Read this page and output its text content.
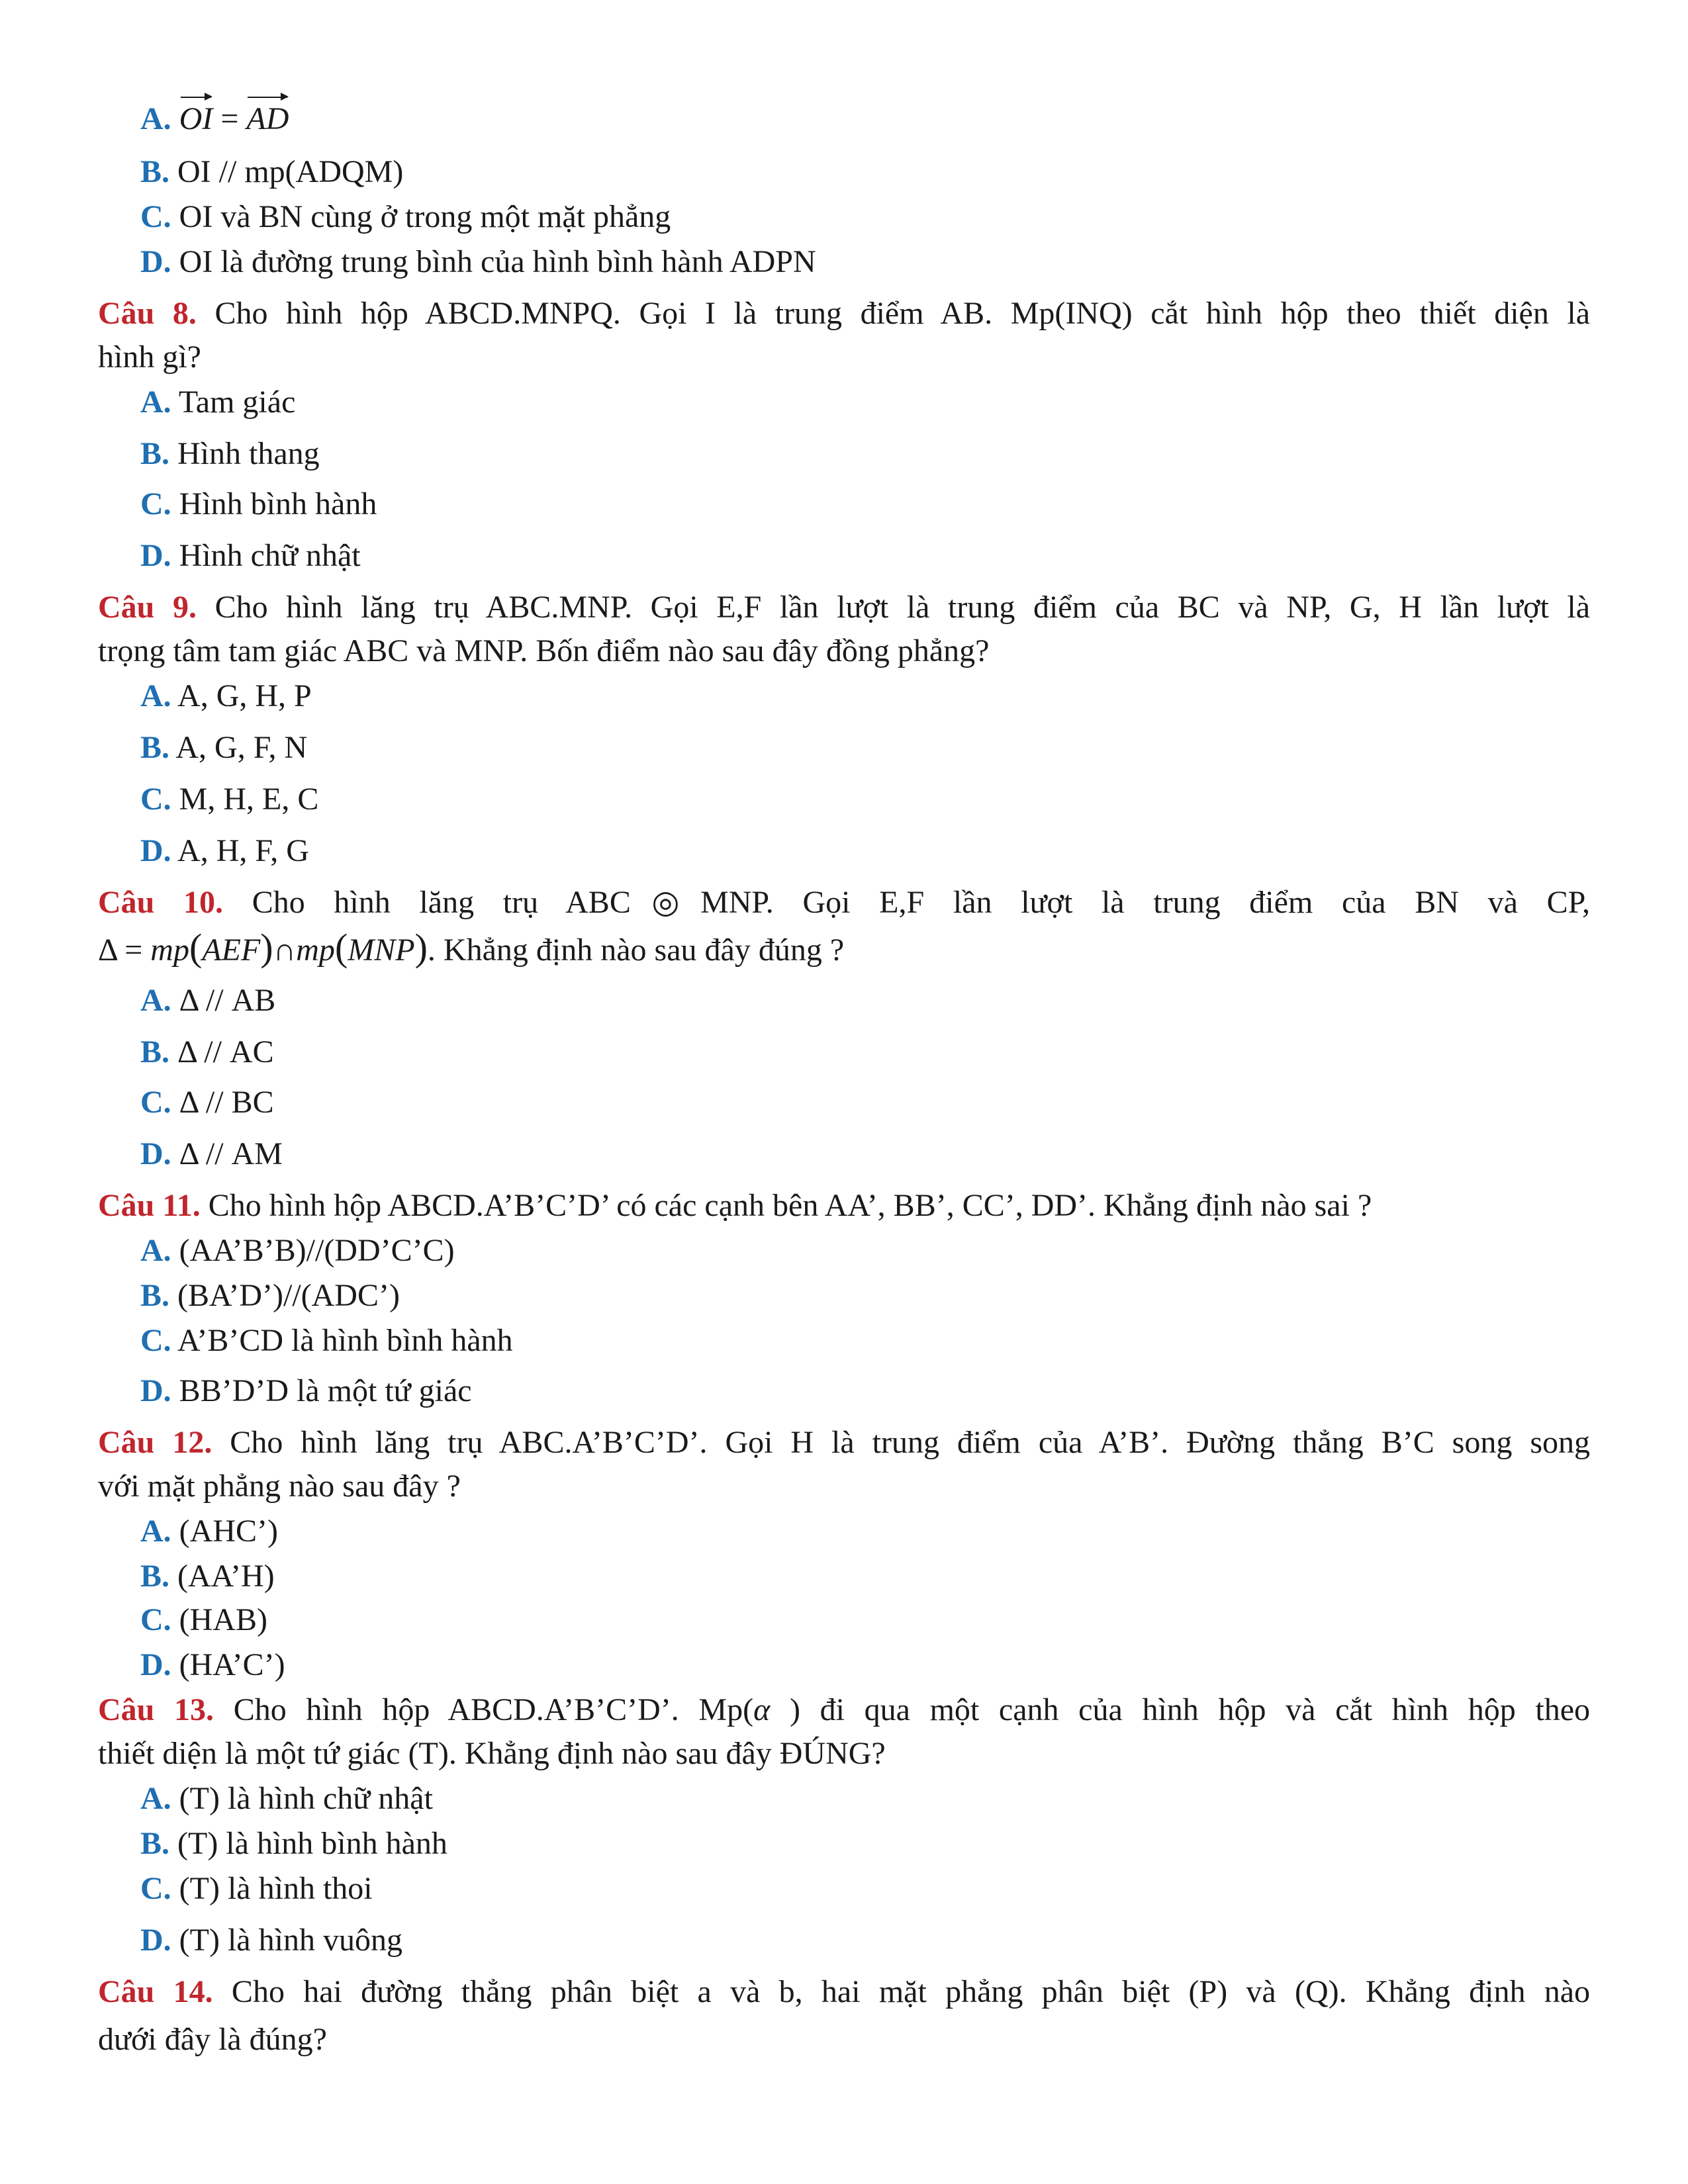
A. OI = AD
B. OI // mp(ADQM)
C. OI và BN cùng ở trong một mặt phẳng
D. OI là đường trung bình của hình bình hành ADPN
Câu 8. Cho hình hộp ABCD.MNPQ. Gọi I là trung điểm AB. Mp(INQ) cắt hình hộp theo thiết diện là
hình gì?
A. Tam giác
B. Hình thang
C. Hình bình hành
D. Hình chữ nhật
Câu 9. Cho hình lăng trụ ABC.MNP. Gọi E,F lần lượt là trung điểm của BC và NP, G, H lần lượt là
trọng tâm tam giác ABC và MNP. Bốn điểm nào sau đây đồng phẳng?
A. A, G, H, P
B. A, G, F, N
C. M, H, E, C
D. A, H, F, G
Câu 10. Cho hình lăng trụ ABC◎MNP. Gọi E,F lần lượt là trung điểm của BN và CP,
Δ = mp(AEF)∩mp(MNP). Khẳng định nào sau đây đúng ?
A. Δ // AB
B. Δ // AC
C. Δ // BC
D. Δ // AM
Câu 11. Cho hình hộp ABCD.A’B’C’D’ có các cạnh bên AA’, BB’, CC’, DD’. Khẳng định nào sai ?
A. (AA’B’B)//(DD’C’C)
B. (BA’D’)//(ADC’)
C. A’B’CD là hình bình hành
D. BB’D’D là một tứ giác
Câu 12. Cho hình lăng trụ ABC.A’B’C’D’. Gọi H là trung điểm của A’B’. Đường thẳng B’C song song
với mặt phẳng nào sau đây ?
A. (AHC’)
B. (AA’H)
C. (HAB)
D. (HA’C’)
Câu 13. Cho hình hộp ABCD.A’B’C’D’. Mp(α ) đi qua một cạnh của hình hộp và cắt hình hộp theo
thiết diện là một tứ giác (T). Khẳng định nào sau đây ĐÚNG?
A. (T) là hình chữ nhật
B. (T) là hình bình hành
C. (T) là hình thoi
D. (T) là hình vuông
Câu 14. Cho hai đường thẳng phân biệt a và b, hai mặt phẳng phân biệt (P) và (Q). Khẳng định nào
dưới đây là đúng?
